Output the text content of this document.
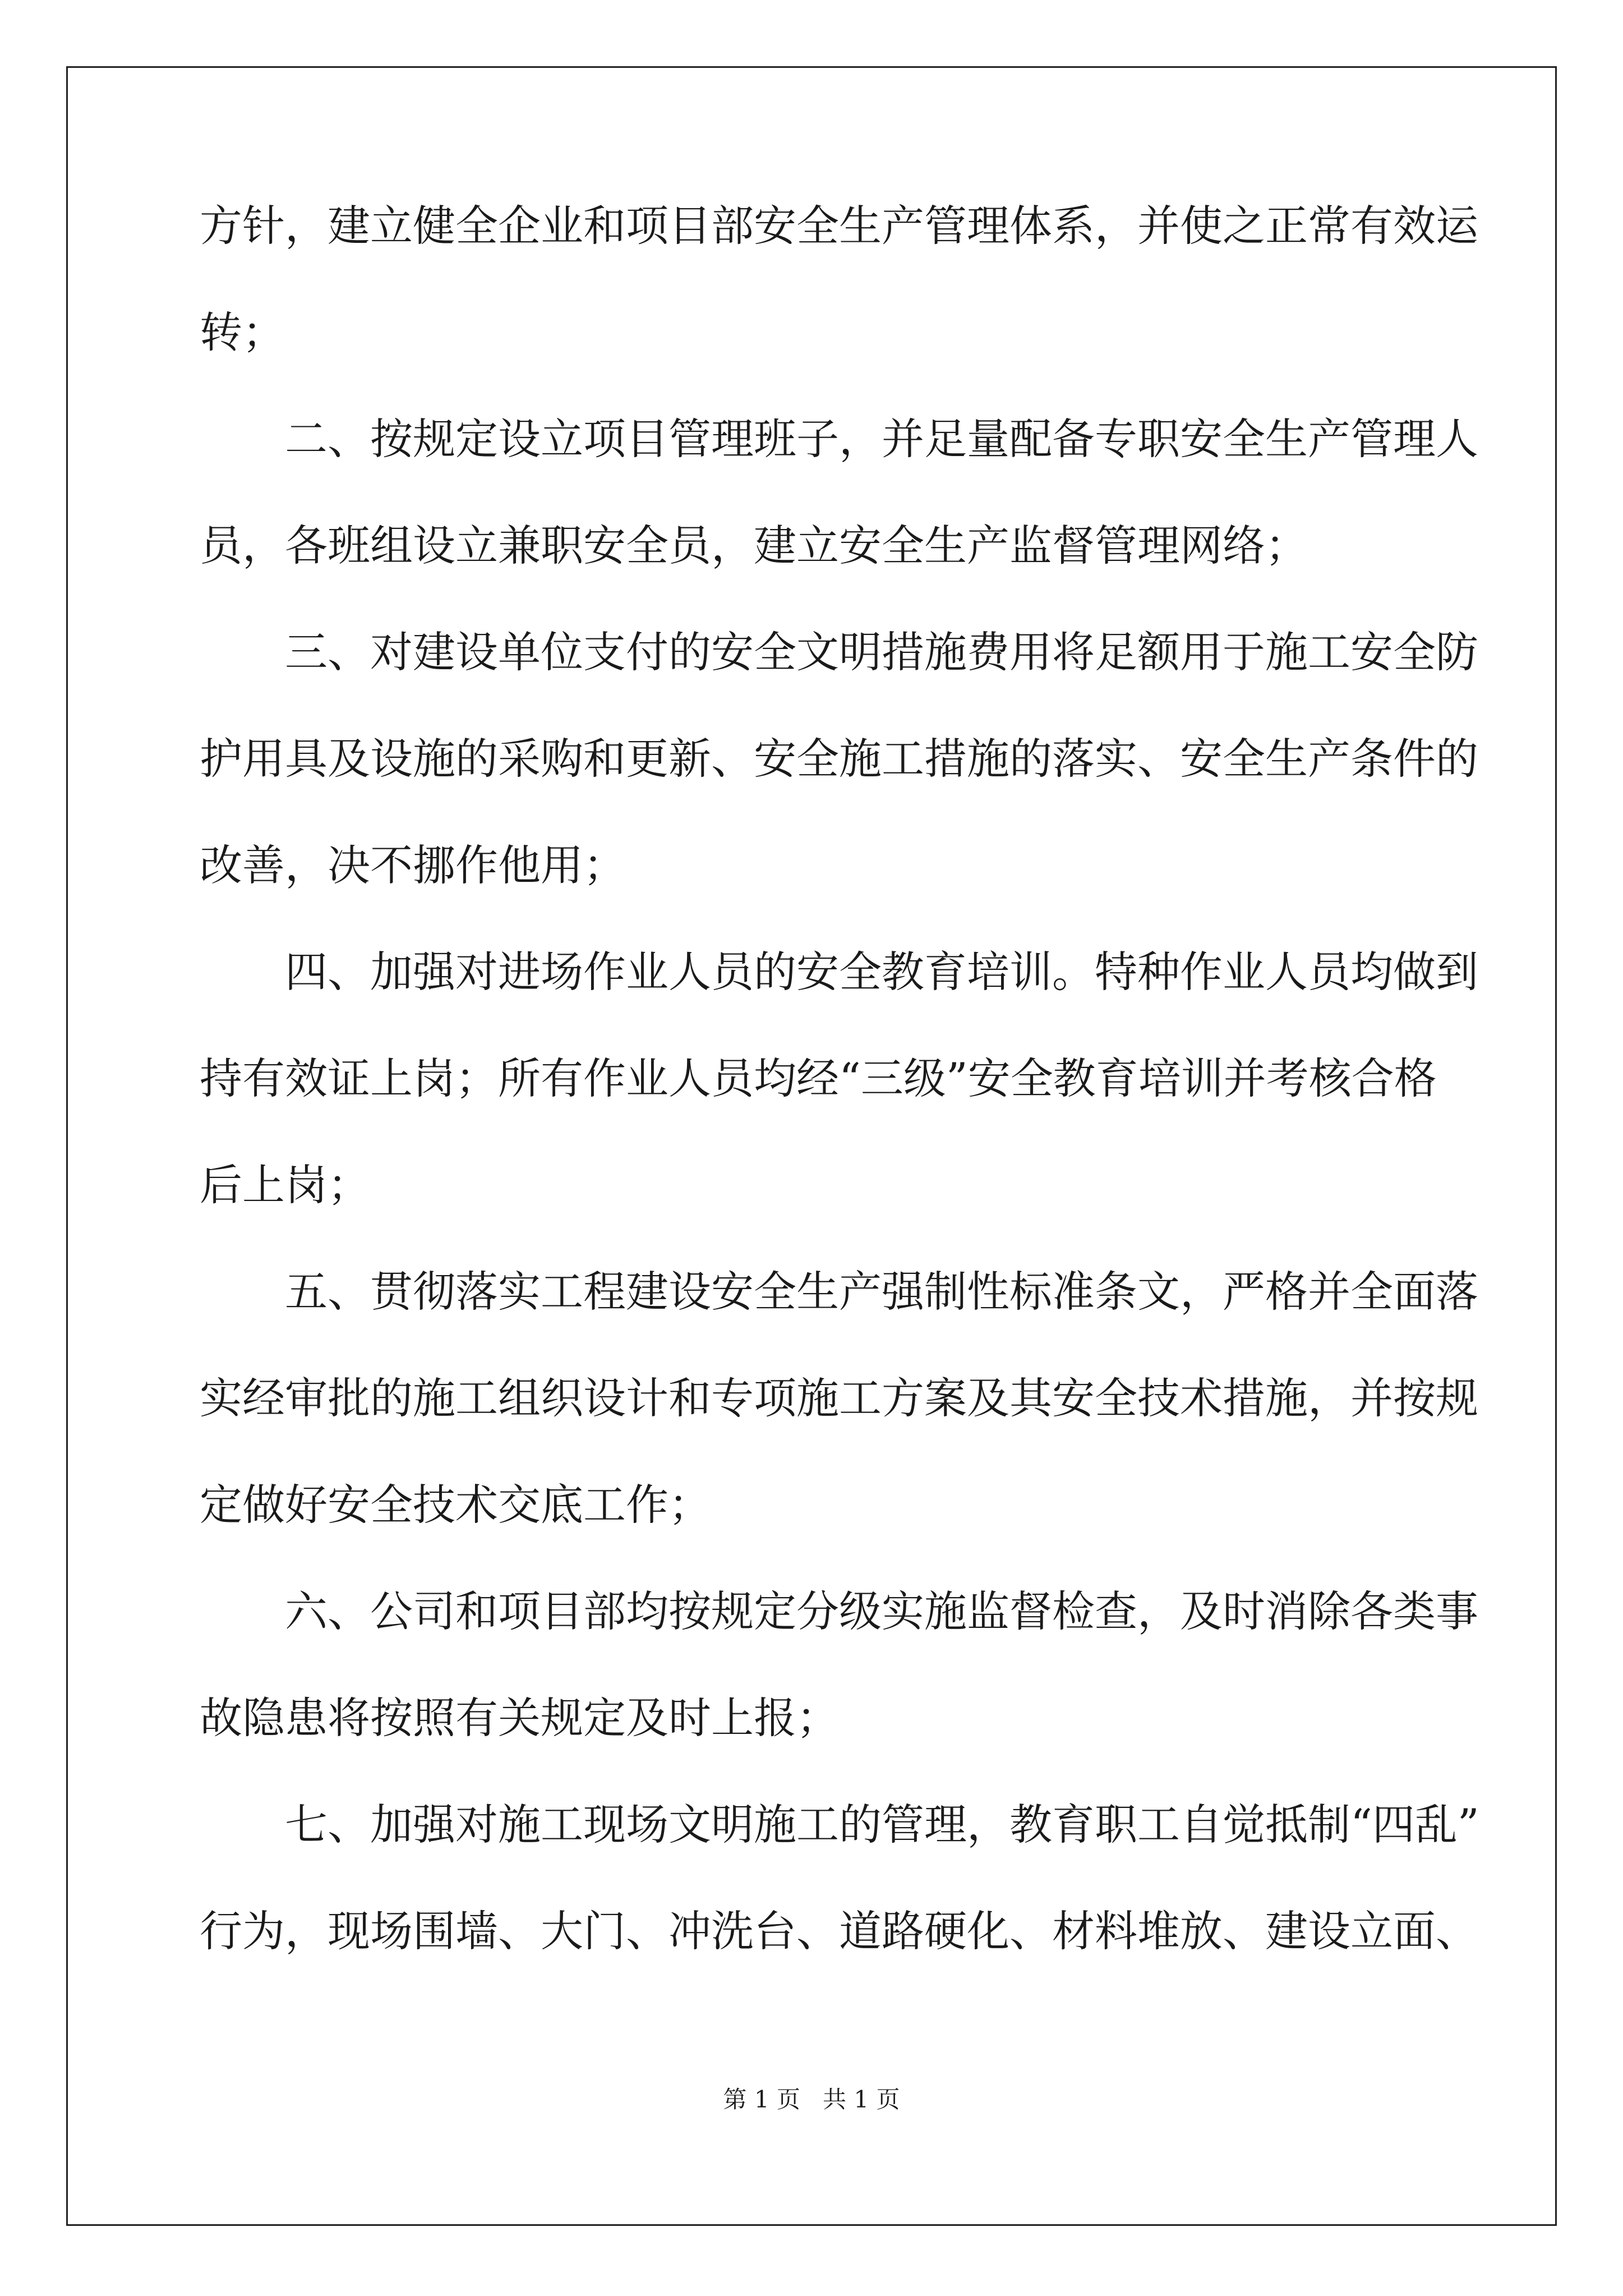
方针，建立健全企业和项目部安全生产管理体系，并使之正常有效运
转；
二、按规定设立项目管理班子，并足量配备专职安全生产管理人
员，各班组设立兼职安全员，建立安全生产监督管理网络；
三、对建设单位支付的安全文明措施费用将足额用于施工安全防
护用具及设施的采购和更新、安全施工措施的落实、安全生产条件的
改善，决不挪作他用；
四、加强对进场作业人员的安全教育培训。特种作业人员均做到
持有效证上岗；所有作业人员均经“三级”安全教育培训并考核合格
后上岗；
五、贯彻落实工程建设安全生产强制性标准条文，严格并全面落
实经审批的施工组织设计和专项施工方案及其安全技术措施，并按规
定做好安全技术交底工作；
六、公司和项目部均按规定分级实施监督检查，及时消除各类事
故隐患将按照有关规定及时上报；
七、加强对施工现场文明施工的管理，教育职工自觉抵制“四乱”
行为，现场围墙、大门、冲洗台、道路硬化、材料堆放、建设立面、
第 1 页   共 1 页
